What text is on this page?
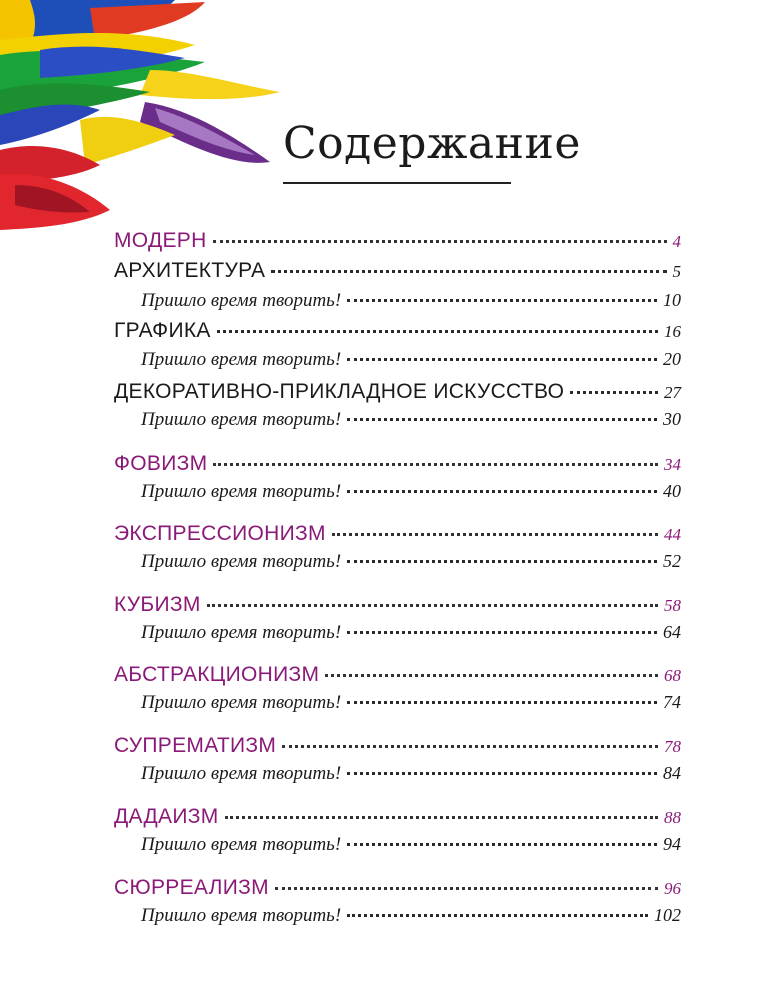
Содержание
МОДЕРН	4
АРХИТЕКТУРА	5
Пришло время творить!	10
ГРАФИКА	16
Пришло время творить!	20
ДЕКОРАТИВНО-ПРИКЛАДНОЕ ИСКУССТВО	27
Пришло время творить!	30
ФОВИЗМ	34
Пришло время творить!	40
ЭКСПРЕССИОНИЗМ	44
Пришло время творить!	52
КУБИЗМ	58
Пришло время творить!	64
АБСТРАКЦИОНИЗМ	68
Пришло время творить!	74
СУПРЕМАТИЗМ	78
Пришло время творить!	84
ДАДАИЗМ	88
Пришло время творить!	94
СЮРРЕАЛИЗМ	96
Пришло время творить!	102
